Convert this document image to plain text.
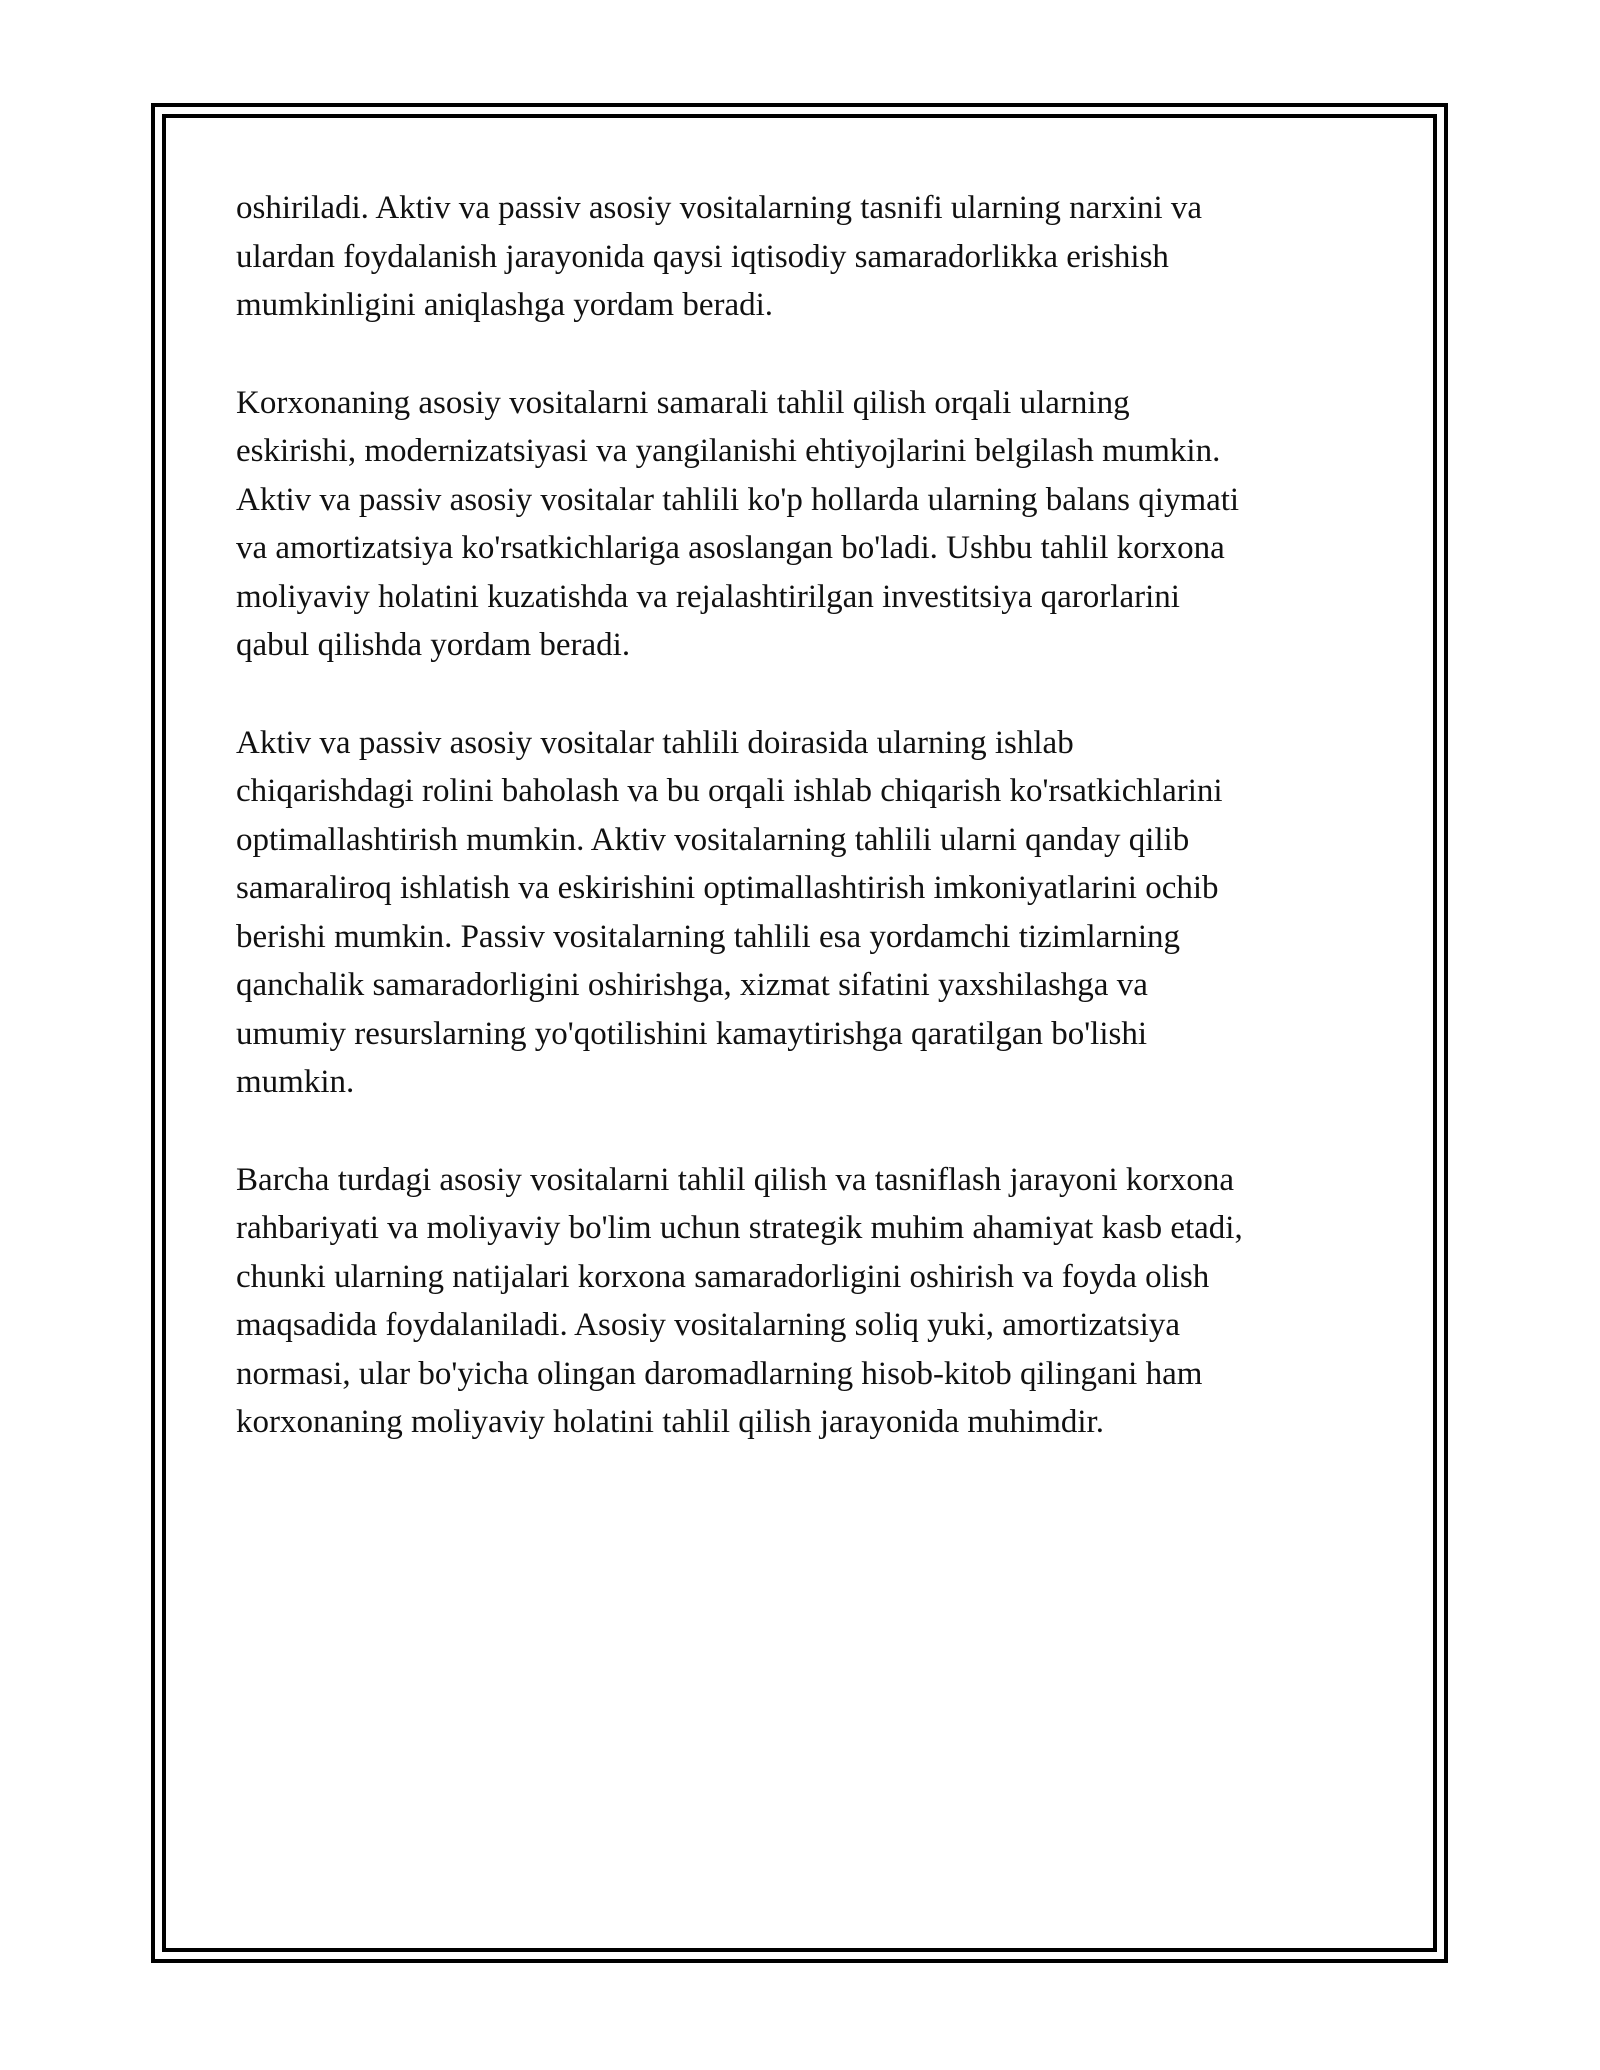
oshiriladi. Aktiv va passiv asosiy vositalarning tasnifi ularning narxini va
ulardan foydalanish jarayonida qaysi iqtisodiy samaradorlikka erishish
mumkinligini aniqlashga yordam beradi.

Korxonaning asosiy vositalarni samarali tahlil qilish orqali ularning
eskirishi, modernizatsiyasi va yangilanishi ehtiyojlarini belgilash mumkin.
Aktiv va passiv asosiy vositalar tahlili ko'p hollarda ularning balans qiymati
va amortizatsiya ko'rsatkichlariga asoslangan bo'ladi. Ushbu tahlil korxona
moliyaviy holatini kuzatishda va rejalashtirilgan investitsiya qarorlarini
qabul qilishda yordam beradi.

Aktiv va passiv asosiy vositalar tahlili doirasida ularning ishlab
chiqarishdagi rolini baholash va bu orqali ishlab chiqarish ko'rsatkichlarini
optimallashtirish mumkin. Aktiv vositalarning tahlili ularni qanday qilib
samaraliroq ishlatish va eskirishini optimallashtirish imkoniyatlarini ochib
berishi mumkin. Passiv vositalarning tahlili esa yordamchi tizimlarning
qanchalik samaradorligini oshirishga, xizmat sifatini yaxshilashga va
umumiy resurslarning yo'qotilishini kamaytirishga qaratilgan bo'lishi
mumkin.

Barcha turdagi asosiy vositalarni tahlil qilish va tasniflash jarayoni korxona
rahbariyati va moliyaviy bo'lim uchun strategik muhim ahamiyat kasb etadi,
chunki ularning natijalari korxona samaradorligini oshirish va foyda olish
maqsadida foydalaniladi. Asosiy vositalarning soliq yuki, amortizatsiya
normasi, ular bo'yicha olingan daromadlarning hisob-kitob qilingani ham
korxonaning moliyaviy holatini tahlil qilish jarayonida muhimdir.
